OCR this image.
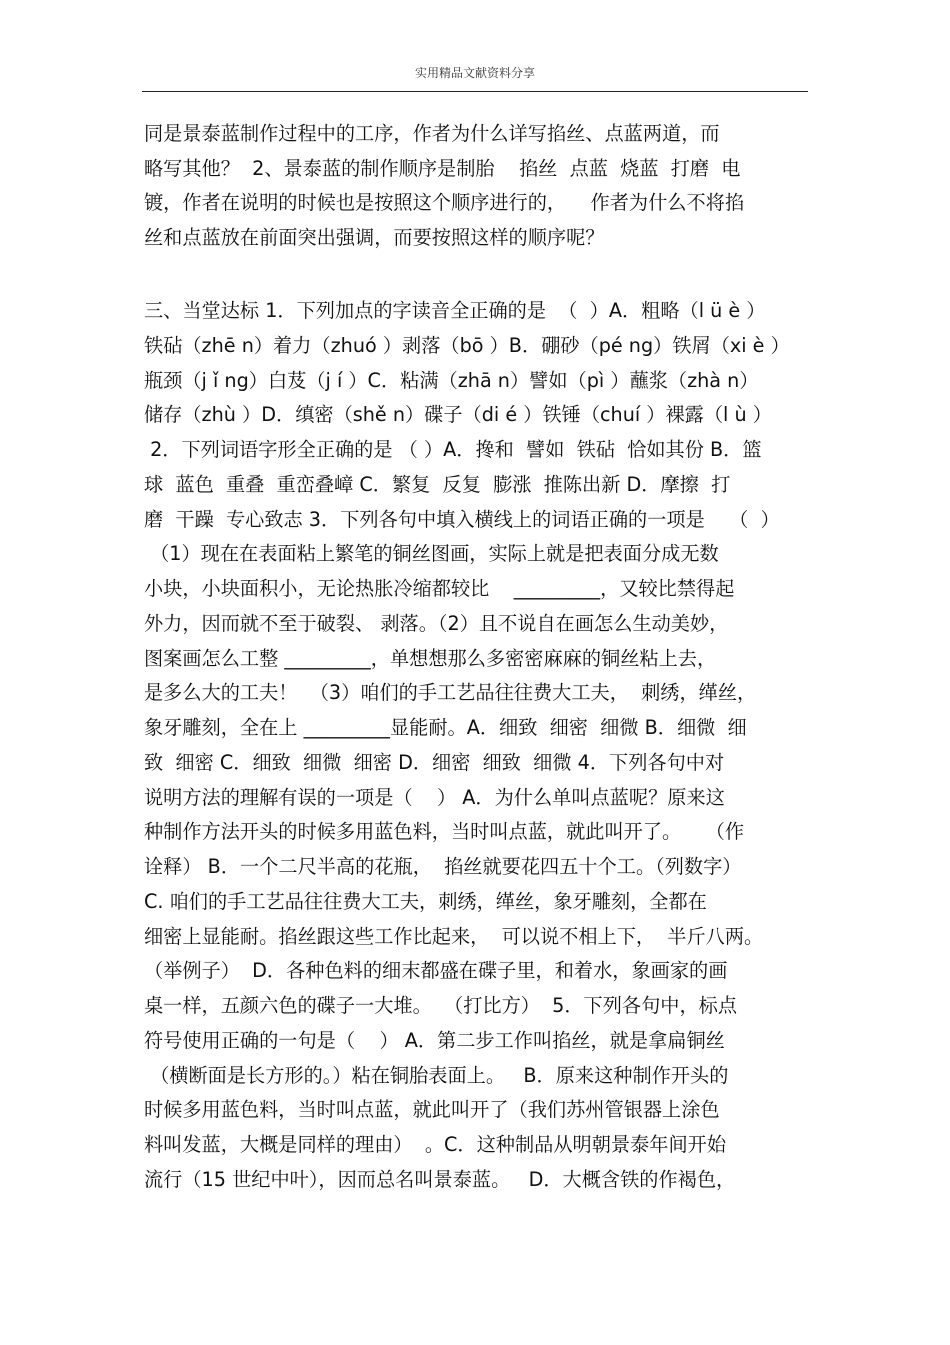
实用精品文献资料分享
同是景泰蓝制作过程中的工序，作者为什么详写掐丝、点蓝两道，而
略写其他？  2、景泰蓝的制作顺序是制胎    掐丝  点蓝  烧蓝  打磨  电
镀，作者在说明的时候也是按照这个顺序进行的，    作者为什么不将掐
丝和点蓝放在前面突出强调，而要按照这样的顺序呢？
三、当堂达标 1．下列加点的字读音全正确的是  （  ）A．粗略（l ü è ）
铁砧（zhē n）着力（zhuó ）剥落（bō ）B．硼砂（pé ng）铁屑（xi è ）
瓶颈（j ǐ ng）白芨（j í ）C．粘满（zhā n）譬如（pì ）蘸浆（zhà n）
储存（zhù ）D．缜密（shě n）碟子（di é ）铁锤（chuí ）裸露（l ù ）
2．下列词语字形全正确的是 （ ）A．搀和  譬如  铁砧  恰如其份 B．篮
球  蓝色  重叠  重峦叠嶂 C．繁复  反复  膨涨  推陈出新 D．摩擦  打
磨  干躁  专心致志 3．下列各句中填入横线上的词语正确的一项是    （  ）
（1）现在在表面粘上繁笔的铜丝图画，实际上就是把表面分成无数
小块，小块面积小，无论热胀冷缩都较比    _________，又较比禁得起
外力，因而就不至于破裂、 剥落。（2）且不说自在画怎么生动美妙，
图案画怎么工整 _________，单想想那么多密密麻麻的铜丝粘上去，
是多么大的工夫！  （3）咱们的手工艺品往往费大工夫，  刺绣，缂丝，
象牙雕刻，全在上 _________显能耐。A．细致  细密  细微 B．细微  细
致  细密 C．细致  细微  细密 D．细密  细致  细微 4．下列各句中对
说明方法的理解有误的一项是（    ） A．为什么单叫点蓝呢？原来这
种制作方法开头的时候多用蓝色料，当时叫点蓝，就此叫开了。    （作
诠释） B．一个二尺半高的花瓶，  掐丝就要花四五十个工。（列数字）
C. 咱们的手工艺品往往费大工夫，刺绣，缂丝，象牙雕刻，全都在
细密上显能耐。掐丝跟这些工作比起来，  可以说不相上下，  半斤八两。
（举例子）  D．各种色料的细末都盛在碟子里，和着水，象画家的画
桌一样，五颜六色的碟子一大堆。  （打比方）  5．下列各句中，标点
符号使用正确的一句是（    ） A．第二步工作叫掐丝，就是拿扁铜丝
（横断面是长方形的。）粘在铜胎表面上。   B．原来这种制作开头的
时候多用蓝色料，当时叫点蓝，就此叫开了（我们苏州管银器上涂色
料叫发蓝，大概是同样的理由）  。C．这种制品从明朝景泰年间开始
流行（15 世纪中叶），因而总名叫景泰蓝。   D．大概含铁的作褐色，
